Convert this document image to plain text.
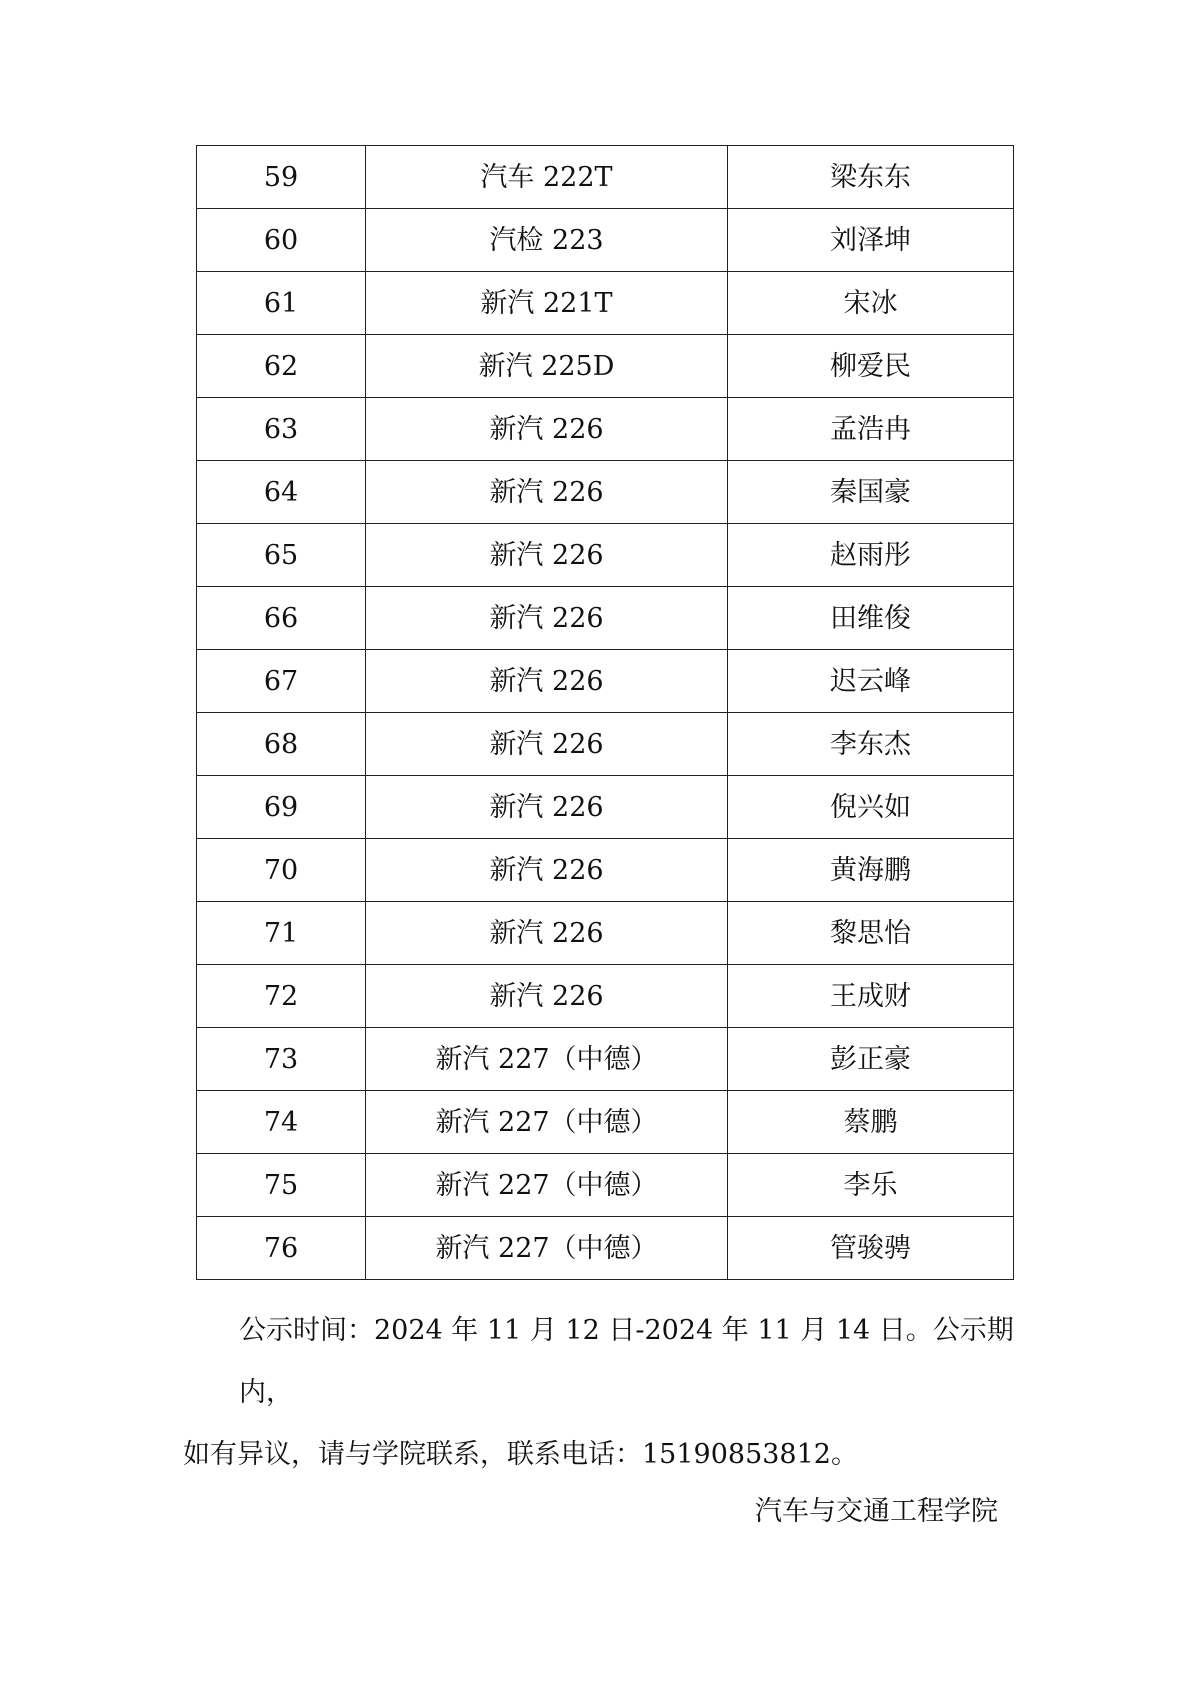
59	汽车 222T	梁东东
60	汽检 223	刘泽坤
61	新汽 221T	宋冰
62	新汽 225D	柳爱民
63	新汽 226	孟浩冉
64	新汽 226	秦国豪
65	新汽 226	赵雨彤
66	新汽 226	田维俊
67	新汽 226	迟云峰
68	新汽 226	李东杰
69	新汽 226	倪兴如
70	新汽 226	黄海鹏
71	新汽 226	黎思怡
72	新汽 226	王成财
73	新汽 227（中德）	彭正豪
74	新汽 227（中德）	蔡鹏
75	新汽 227（中德）	李乐
76	新汽 227（中德）	管骏骋

公示时间：2024 年 11 月 12 日-2024 年 11 月 14 日。公示期内，

如有异议，请与学院联系，联系电话：15190853812。

汽车与交通工程学院
